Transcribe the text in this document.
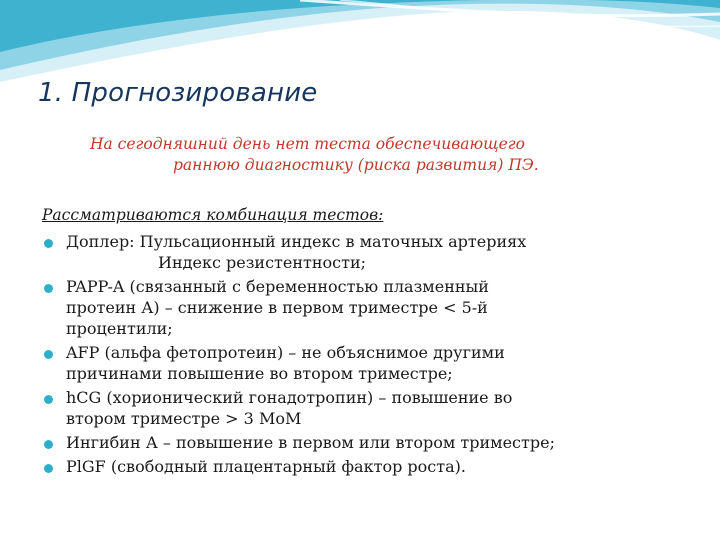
1. Прогнозирование

На сегодняшний день нет теста обеспечивающего
раннюю диагностику (риска развития) ПЭ.

Рассматриваются комбинация тестов:

Доплер: Пульсационный индекс в маточных артериях
Индекс резистентности;
PAPP-A (связанный с беременностью плазменный
протеин А) – снижение в первом триместре < 5-й
процентили;
AFP (альфа фетопротеин) – не объяснимое другими
причинами повышение во втором триместре;
hCG (хорионический гонадотропин) – повышение во
втором триместре > 3 МоМ
Ингибин А – повышение в первом или втором триместре;
PlGF (свободный плацентарный фактор роста).
